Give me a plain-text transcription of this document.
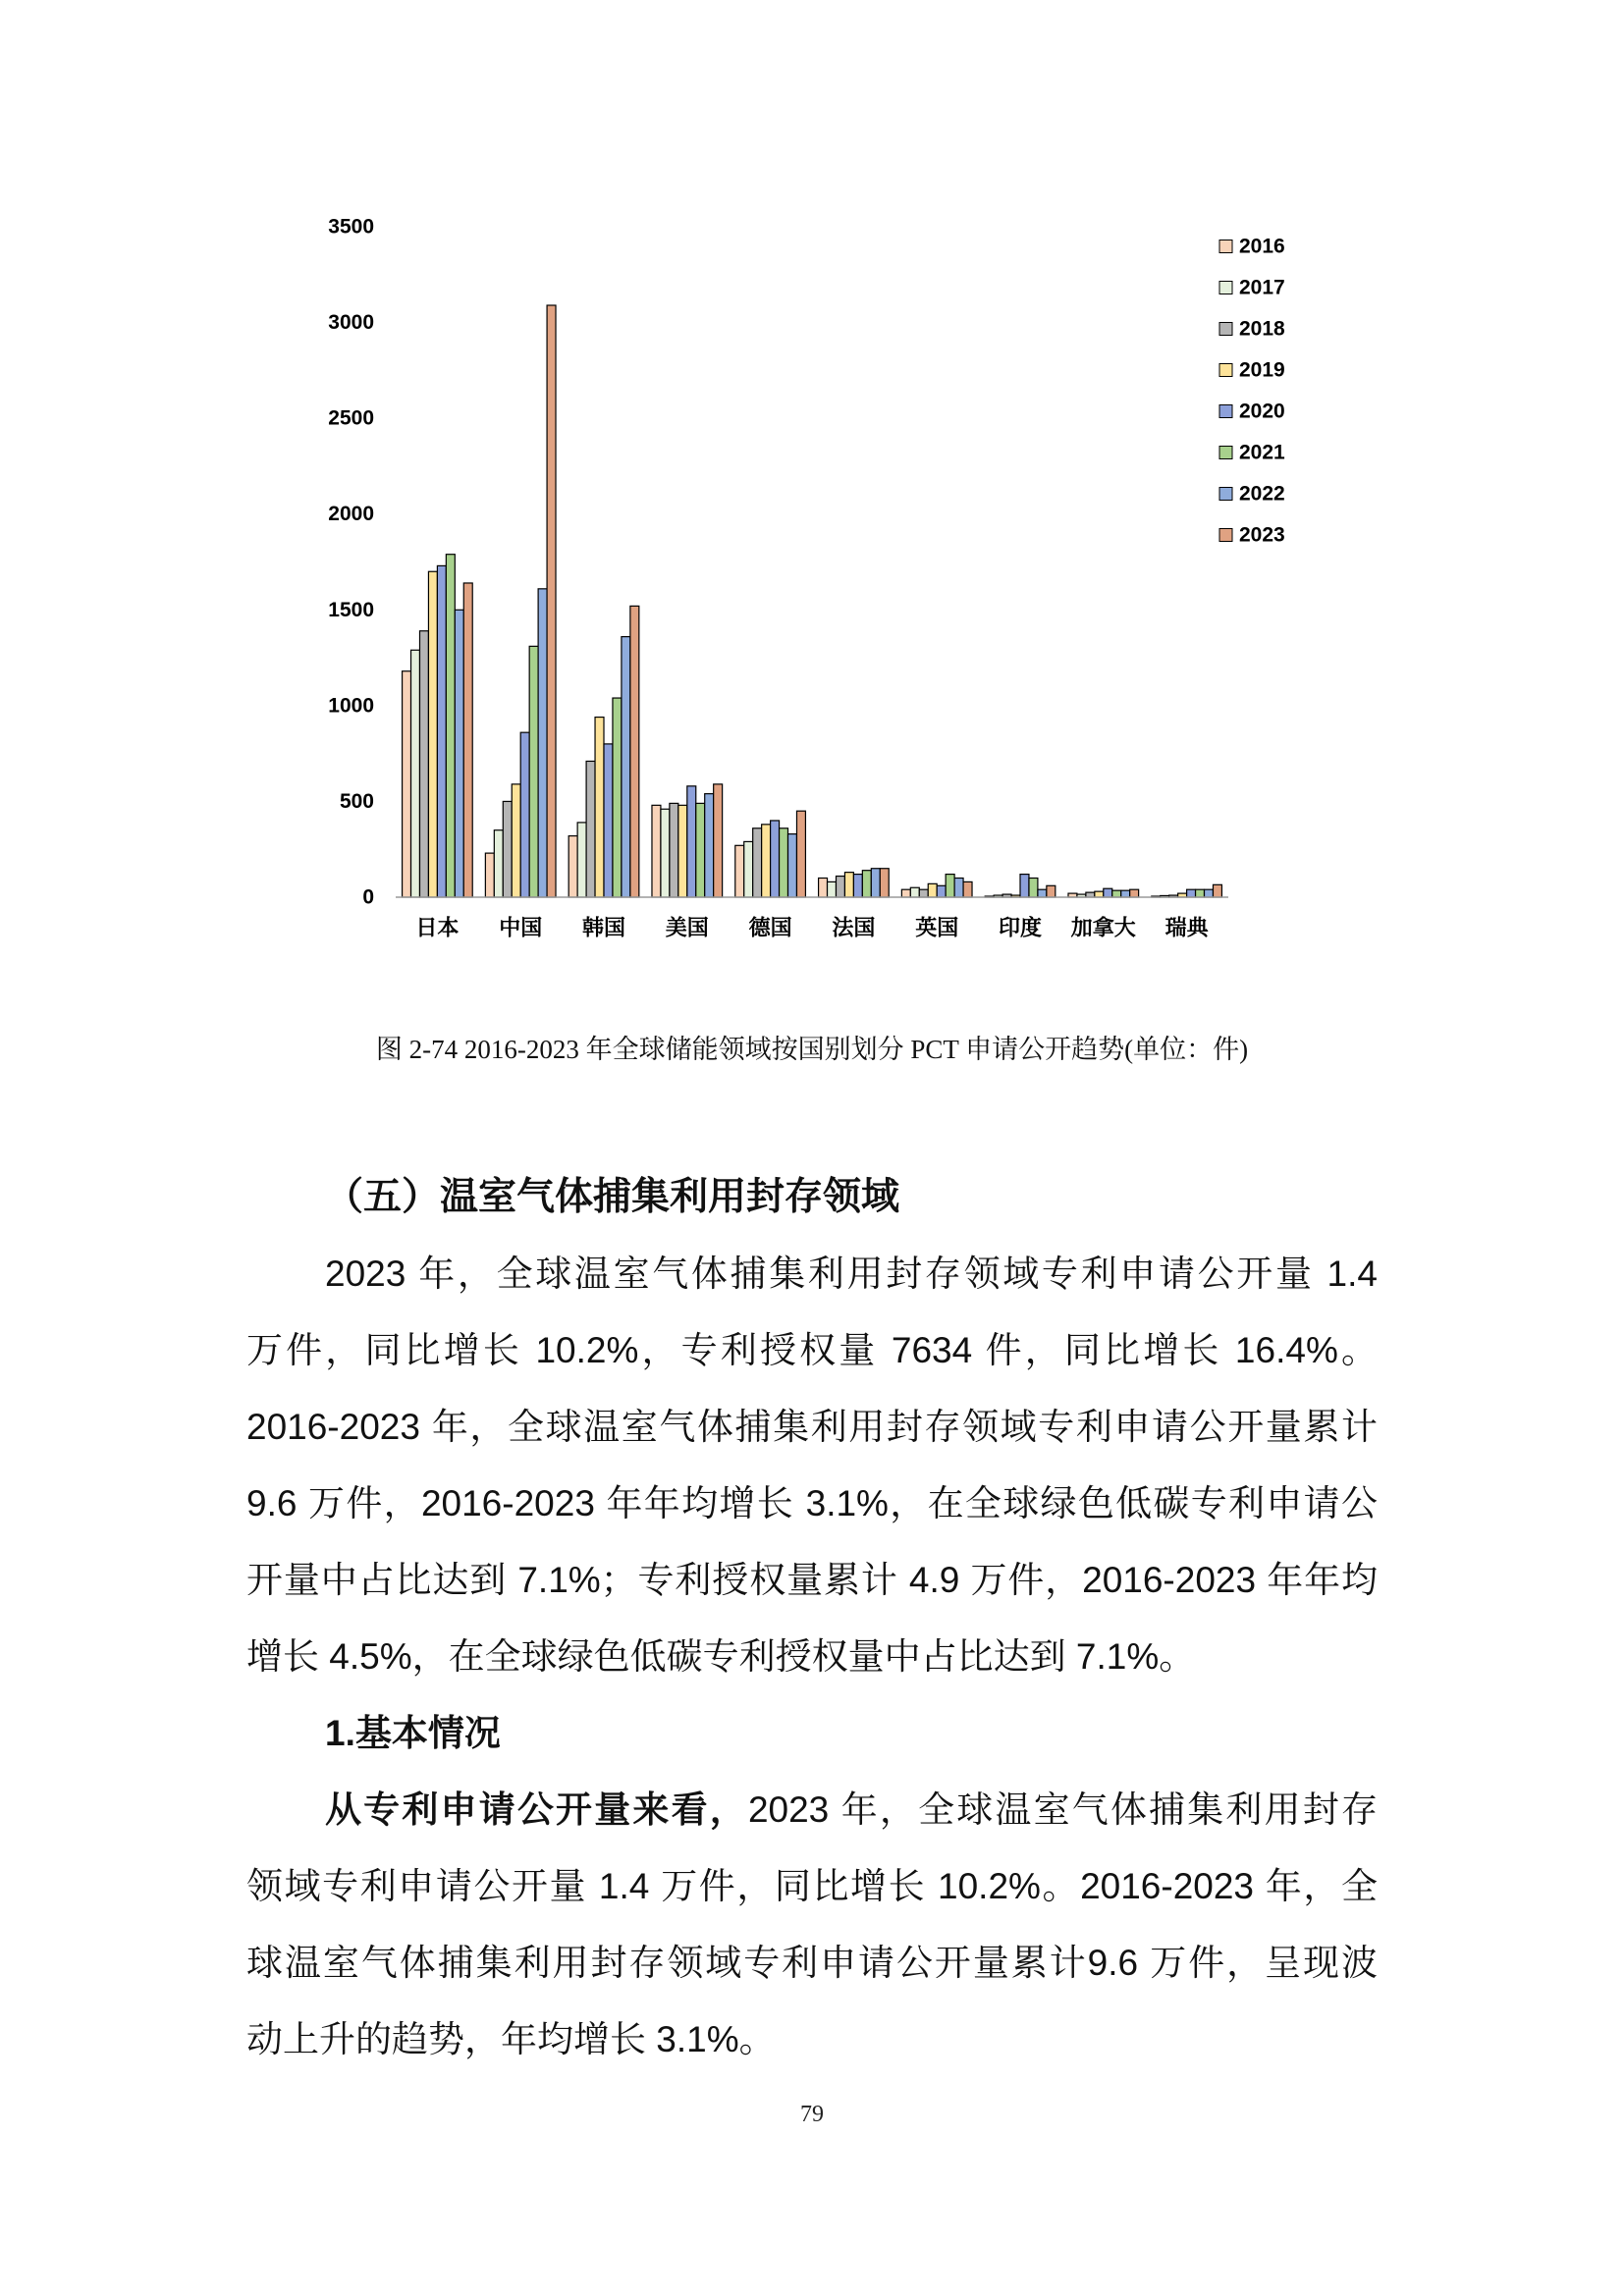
0
500
1000
1500
2000
2500
3000
3500
日本 中国 韩国 美国 德国 法国 英国 印度 加拿大 瑞典
2016
2017
2018
2019
2020
2021
2022
2023
图 2-74 2016-2023 年全球储能领域按国别划分 PCT 申请公开趋势(单位：件)
（五）温室气体捕集利用封存领域
2023 年，全球温室气体捕集利用封存领域专利申请公开量 1.4
万件，同比增长 10.2%，专利授权量 7634 件，同比增长 16.4%。
2016-2023 年，全球温室气体捕集利用封存领域专利申请公开量累计
9.6 万件，2016-2023 年年均增长 3.1%，在全球绿色低碳专利申请公
开量中占比达到 7.1%；专利授权量累计 4.9 万件，2016-2023 年年均
增长 4.5%，在全球绿色低碳专利授权量中占比达到 7.1%。
1.基本情况
从专利申请公开量来看，2023 年，全球温室气体捕集利用封存
领域专利申请公开量 1.4 万件，同比增长 10.2%。2016-2023 年，全
球温室气体捕集利用封存领域专利申请公开量累计9.6 万件，呈现波
动上升的趋势，年均增长 3.1%。
79
